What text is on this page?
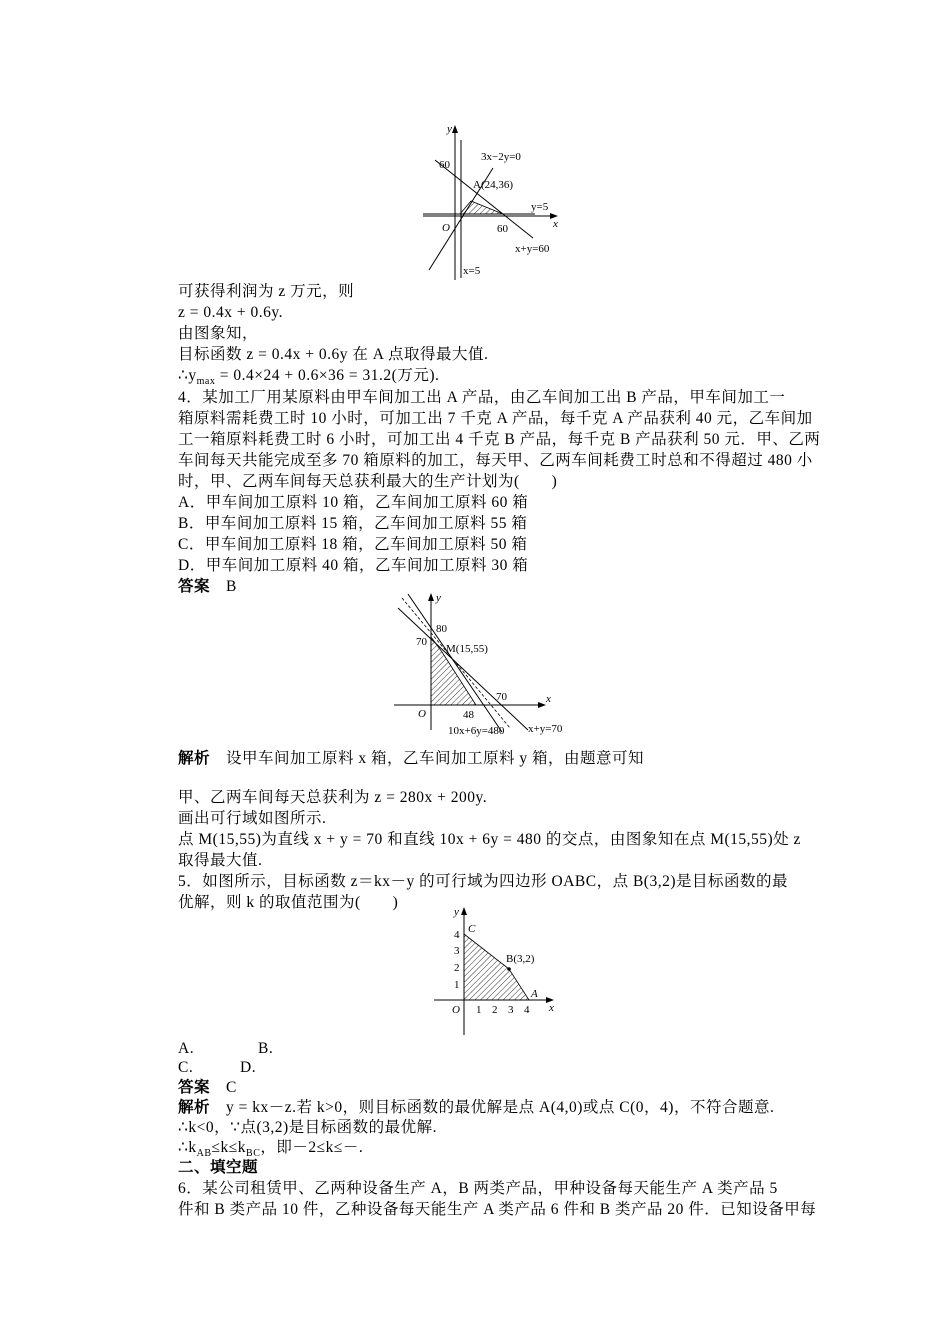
y
x
O
60
60
3x−2y=0
A(24,36)
y=5
x+y=60
x=5
可获得利润为 z 万元，则
z = 0.4x + 0.6y.
由图象知，
目标函数 z = 0.4x + 0.6y 在 A 点取得最大值.
$\therefore y_{max} = 0.4\times 24 + 0.6\times 36 = 31.2$(万元).
4．某加工厂用某原料由甲车间加工出 A 产品，由乙车间加工出 B 产品，甲车间加工一
箱原料需耗费工时 10 小时，可加工出 7 千克 A 产品，每千克 A 产品获利 40 元，乙车间加
工一箱原料耗费工时 6 小时，可加工出 4 千克 B 产品，每千克 B 产品获利 50 元．甲、乙两
车间每天共能完成至多 70 箱原料的加工，每天甲、乙两车间耗费工时总和不得超过 480 小
时，甲、乙两车间每天总获利最大的生产计划为(　　)
A．甲车间加工原料 10 箱，乙车间加工原料 60 箱
B．甲车间加工原料 15 箱，乙车间加工原料 55 箱
C．甲车间加工原料 18 箱，乙车间加工原料 50 箱
D．甲车间加工原料 40 箱，乙车间加工原料 30 箱
答案　 B
y
x
O
80
70
70
48
M(15,55)
10x+6y=480 x+y=70
解析　 设甲车间加工原料 x 箱，乙车间加工原料 y 箱，由题意可知
甲、乙两车间每天总获利为 z = 280x + 200y.
画出可行域如图所示.
点 M(15,55)为直线 x + y = 70 和直线 10x + 6y = 480 的交点，由图象知在点 M(15,55)处 z
取得最大值.
5．如图所示，目标函数 z＝kx－y 的可行域为四边形 OABC，点 B(3,2)是目标函数的最
优解，则 k 的取值范围为(　　)
y
x
O
C
B(3,2)
A
4
3
2
1
1 2 3 4
A.	B.
C.	D.
答案　 C
解析　 y = kx－z.若 k>0，则目标函数的最优解是点 A(4,0)或点 C(0，4)，不符合题意.
∴k<0，∵点(3,2)是目标函数的最优解.
$\therefore k_{AB}\le k\le k_{BC}$，即－2≤k≤－.
二、填空题
6．某公司租赁甲、乙两种设备生产 A，B 两类产品，甲种设备每天能生产 A 类产品 5
件和 B 类产品 10 件，乙种设备每天能生产 A 类产品 6 件和 B 类产品 20 件．已知设备甲每
